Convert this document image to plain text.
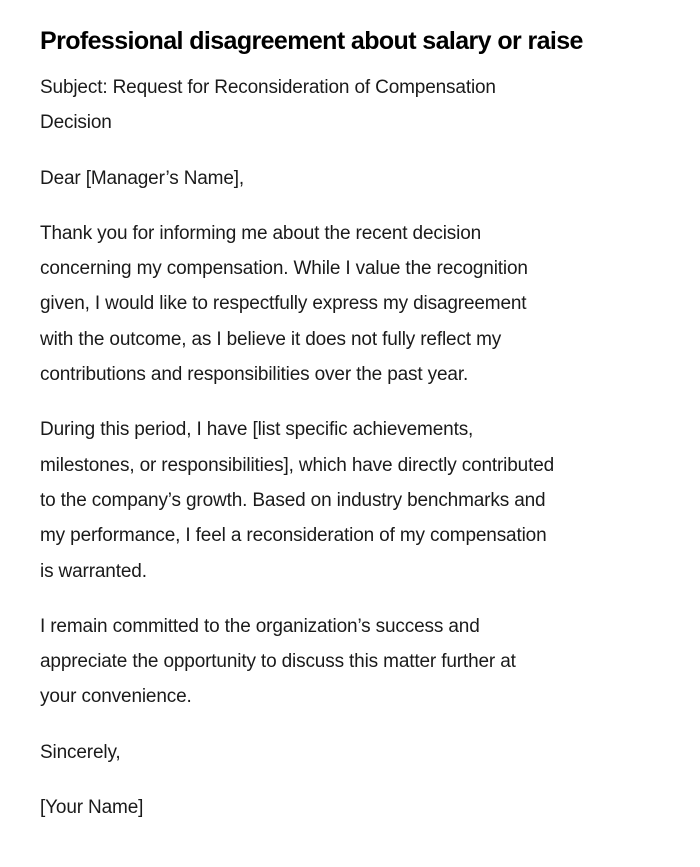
Professional disagreement about salary or raise

Subject: Request for Reconsideration of Compensation
Decision

Dear [Manager’s Name],

Thank you for informing me about the recent decision
concerning my compensation. While I value the recognition
given, I would like to respectfully express my disagreement
with the outcome, as I believe it does not fully reflect my
contributions and responsibilities over the past year.

During this period, I have [list specific achievements,
milestones, or responsibilities], which have directly contributed
to the company’s growth. Based on industry benchmarks and
my performance, I feel a reconsideration of my compensation
is warranted.

I remain committed to the organization’s success and
appreciate the opportunity to discuss this matter further at
your convenience.

Sincerely,

[Your Name]
